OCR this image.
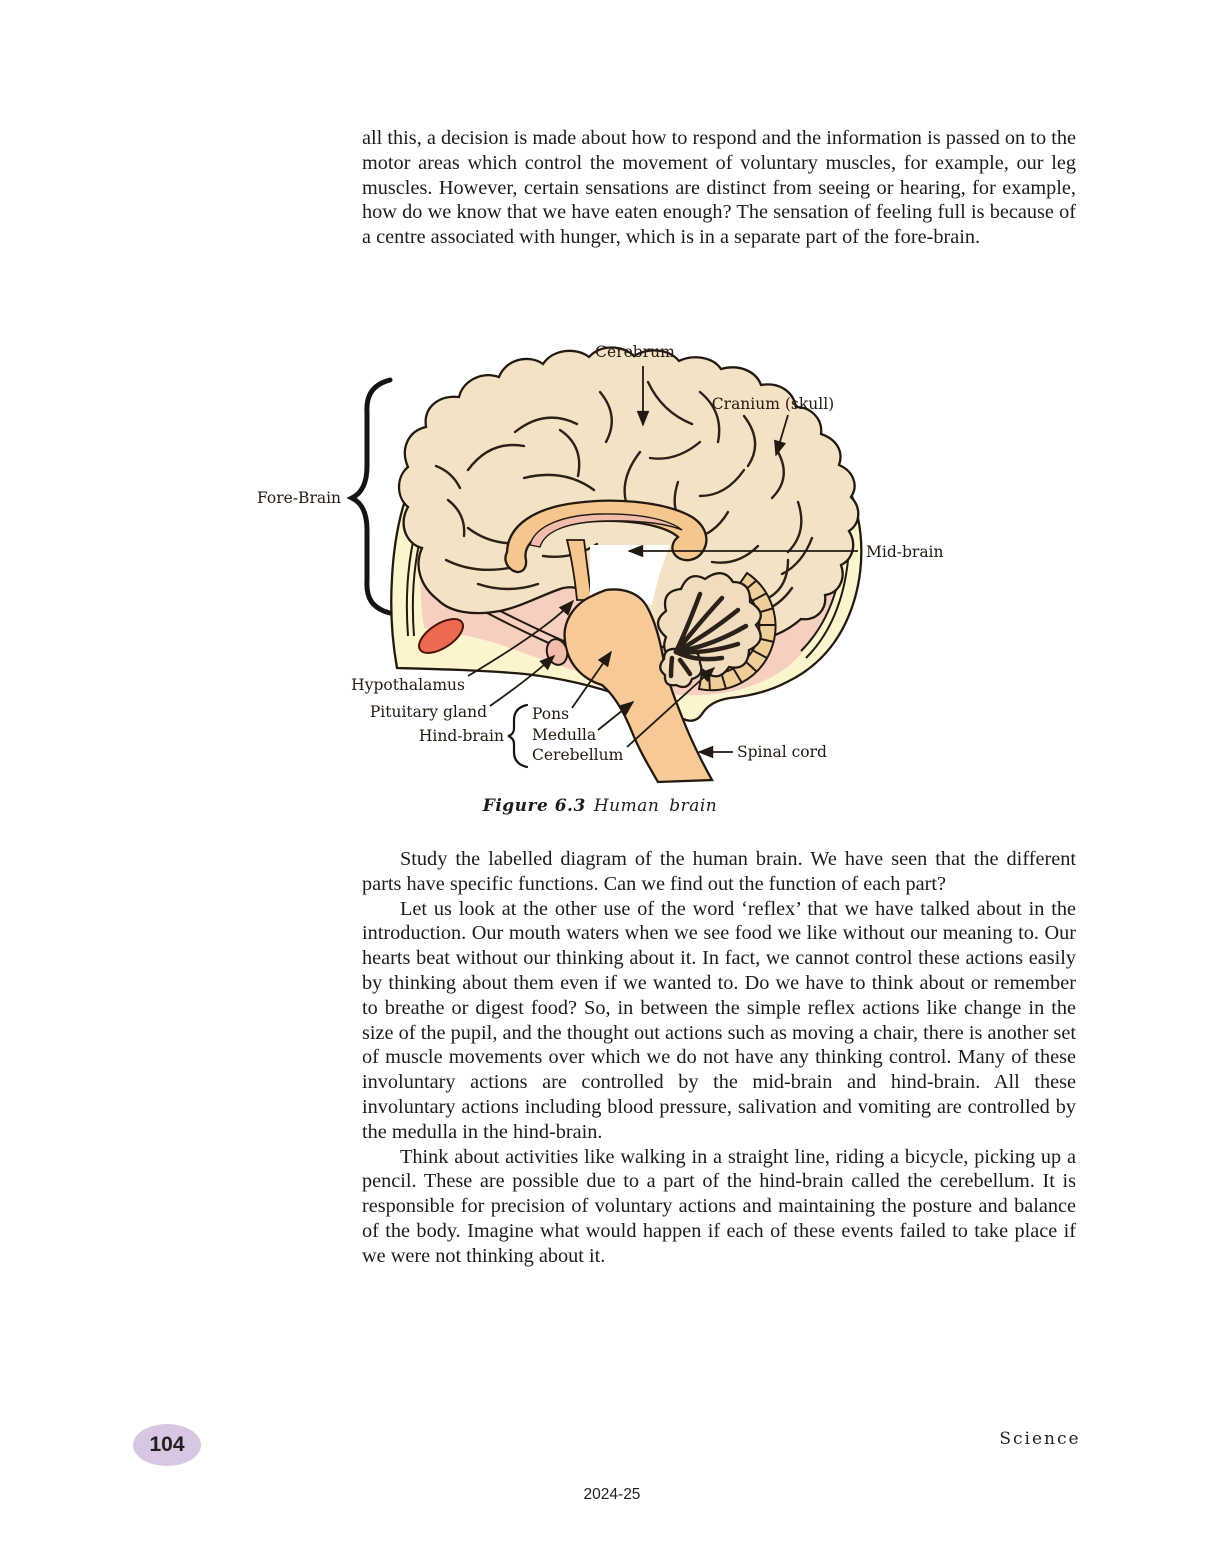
all this, a decision is made about how to respond and the information is passed on to the motor areas which control the movement of voluntary muscles, for example, our leg muscles. However, certain sensations are distinct from seeing or hearing, for example, how do we know that we have eaten enough? The sensation of feeling full is because of a centre associated with hunger, which is in a separate part of the fore-brain.

Cerebrum
Cranium (skull)
Fore-Brain
Mid-brain
Hypothalamus
Pituitary gland
Hind-brain
Pons
Medulla
Cerebellum	Spinal cord
Figure 6.3 Human brain

Study the labelled diagram of the human brain. We have seen that the different parts have specific functions. Can we find out the function of each part?

Let us look at the other use of the word ‘reflex’ that we have talked about in the introduction. Our mouth waters when we see food we like without our meaning to. Our hearts beat without our thinking about it. In fact, we cannot control these actions easily by thinking about them even if we wanted to. Do we have to think about or remember to breathe or digest food? So, in between the simple reflex actions like change in the size of the pupil, and the thought out actions such as moving a chair, there is another set of muscle movements over which we do not have any thinking control. Many of these involuntary actions are controlled by the mid-brain and hind-brain. All these involuntary actions including blood pressure, salivation and vomiting are controlled by the medulla in the hind-brain.

Think about activities like walking in a straight line, riding a bicycle, picking up a pencil. These are possible due to a part of the hind-brain called the cerebellum. It is responsible for precision of voluntary actions and maintaining the posture and balance of the body. Imagine what would happen if each of these events failed to take place if we were not thinking about it.

104	Science
2024-25
